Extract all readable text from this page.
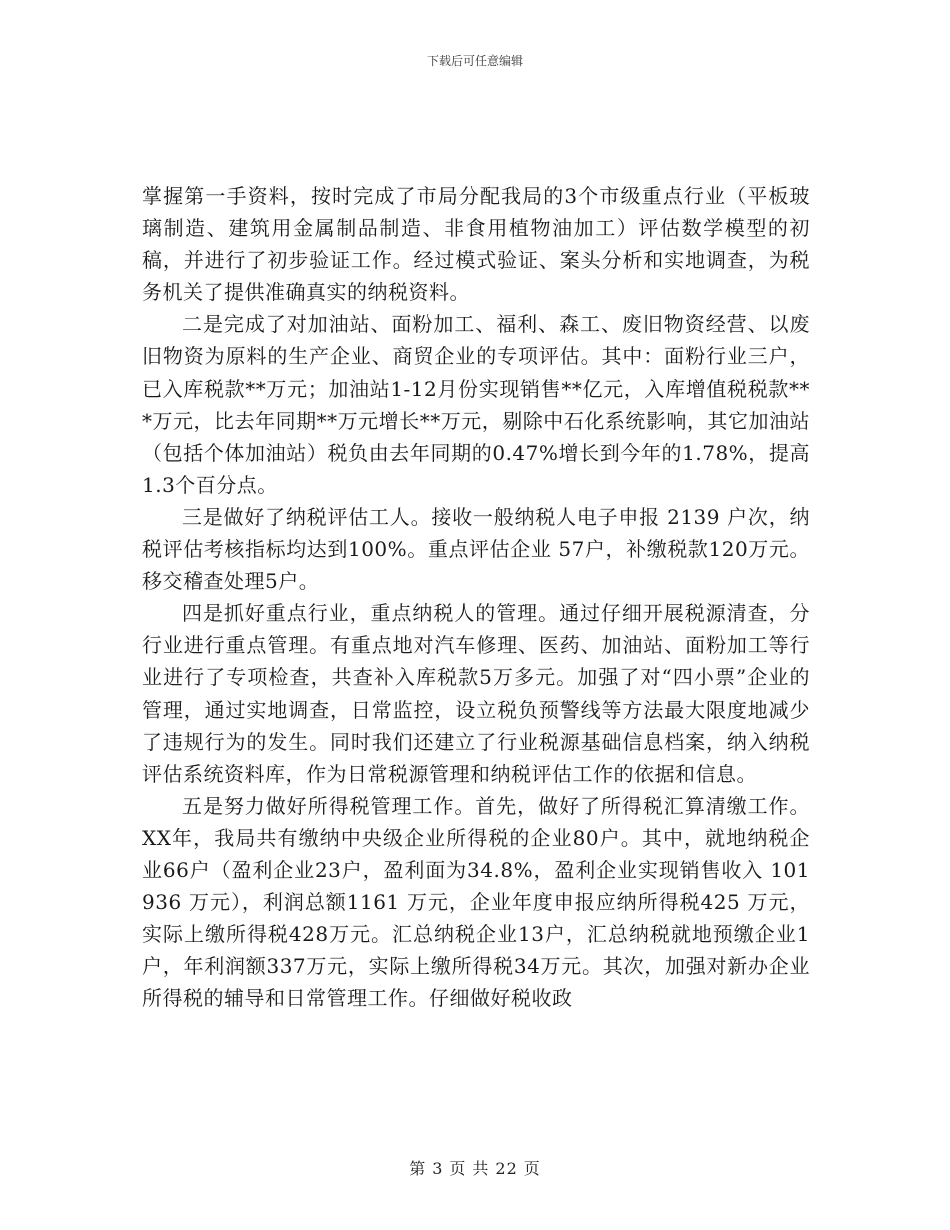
下载后可任意编辑

掌握第一手资料，按时完成了市局分配我局的3个市级重点行业（平板玻璃制造、建筑用金属制品制造、非食用植物油加工）评估数学模型的初稿，并进行了初步验证工作。经过模式验证、案头分析和实地调查，为税务机关了提供准确真实的纳税资料。

二是完成了对加油站、面粉加工、福利、森工、废旧物资经营、以废旧物资为原料的生产企业、商贸企业的专项评估。其中：面粉行业三户，已入库税款**万元；加油站1-12月份实现销售**亿元，入库增值税税款***万元，比去年同期**万元增长**万元，剔除中石化系统影响，其它加油站（包括个体加油站）税负由去年同期的0.47%增长到今年的1.78%，提高1.3个百分点。

三是做好了纳税评估工人。接收一般纳税人电子申报 2139 户次，纳税评估考核指标均达到100%。重点评估企业 57户，补缴税款120万元。移交稽查处理5户。

四是抓好重点行业，重点纳税人的管理。通过仔细开展税源清查，分行业进行重点管理。有重点地对汽车修理、医药、加油站、面粉加工等行业进行了专项检查，共查补入库税款5万多元。加强了对“四小票”企业的管理，通过实地调查，日常监控，设立税负预警线等方法最大限度地减少了违规行为的发生。同时我们还建立了行业税源基础信息档案，纳入纳税评估系统资料库，作为日常税源管理和纳税评估工作的依据和信息。

五是努力做好所得税管理工作。首先，做好了所得税汇算清缴工作。XX年，我局共有缴纳中央级企业所得税的企业80户。其中，就地纳税企业66户（盈利企业23户，盈利面为34.8%，盈利企业实现销售收入 101936 万元），利润总额1161 万元，企业年度申报应纳所得税425 万元，实际上缴所得税428万元。汇总纳税企业13户，汇总纳税就地预缴企业1户，年利润额337万元，实际上缴所得税34万元。其次，加强对新办企业所得税的辅导和日常管理工作。仔细做好税收政

第 3 页 共 22 页
